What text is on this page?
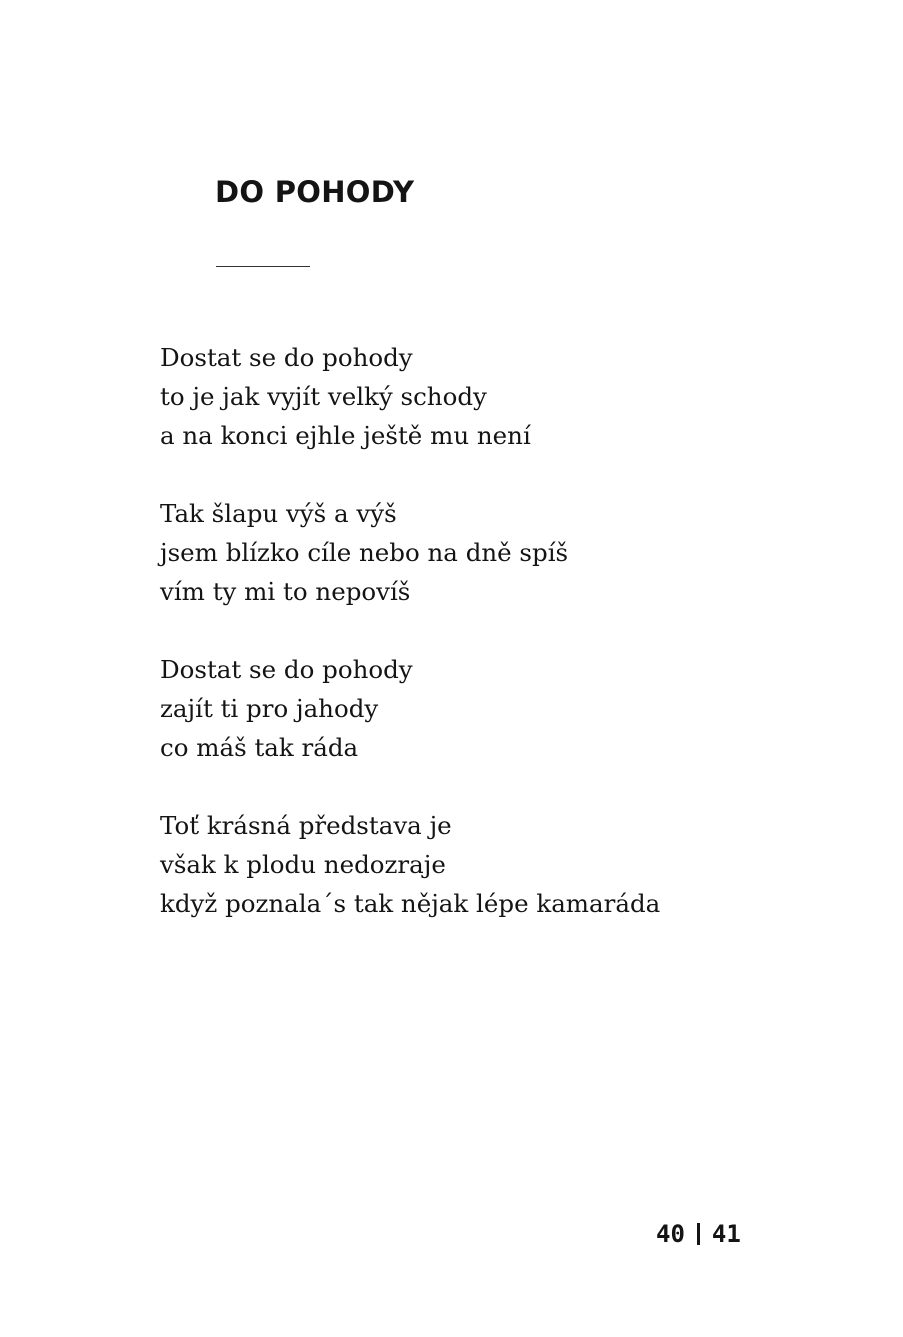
DO POHODY

Dostat se do pohody
to je jak vyjít velký schody
a na konci ejhle ještě mu není

Tak šlapu výš a výš
jsem blízko cíle nebo na dně spíš
vím ty mi to nepovíš

Dostat se do pohody
zajít ti pro jahody
co máš tak ráda

Toť krásná představa je
však k plodu nedozraje
když poznala´s tak nějak lépe kamaráda

40 41
